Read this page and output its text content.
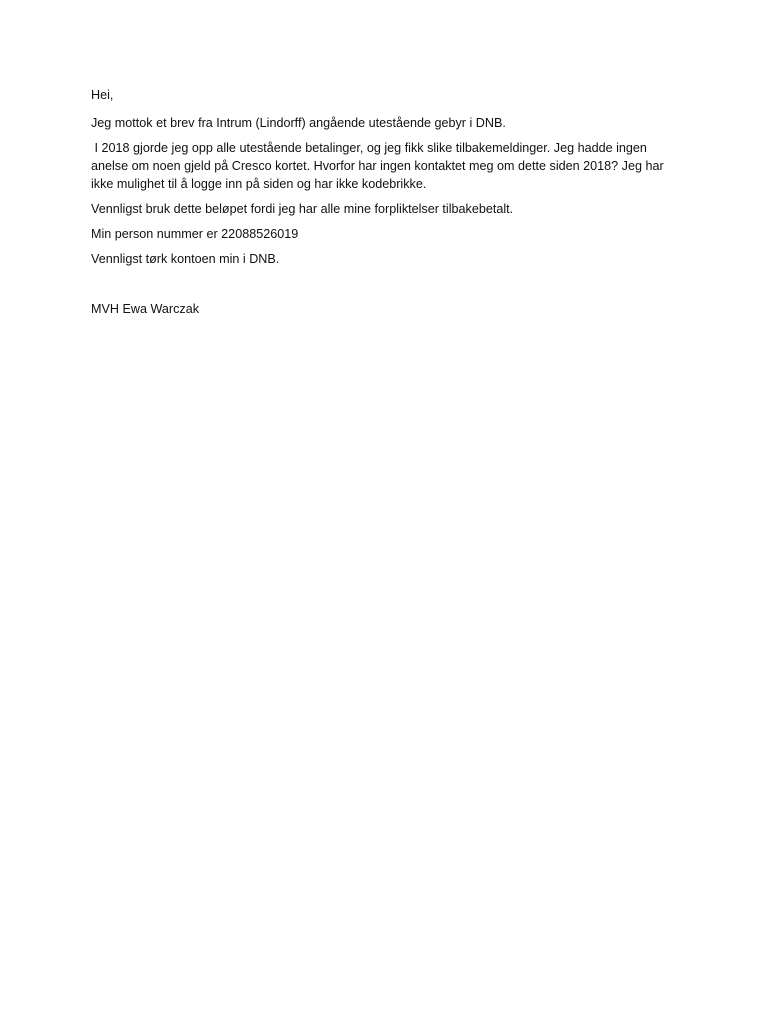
Hei,

Jeg mottok et brev fra Intrum (Lindorff) angående utestående gebyr i DNB.

I 2018 gjorde jeg opp alle utestående betalinger, og jeg fikk slike tilbakemeldinger. Jeg hadde ingen anelse om noen gjeld på Cresco kortet. Hvorfor har ingen kontaktet meg om dette siden 2018? Jeg har ikke mulighet til å logge inn på siden og har ikke kodebrikke.

Vennligst bruk dette beløpet fordi jeg har alle mine forpliktelser tilbakebetalt.

Min person nummer er 22088526019

Vennligst tørk kontoen min i DNB.

MVH Ewa Warczak
